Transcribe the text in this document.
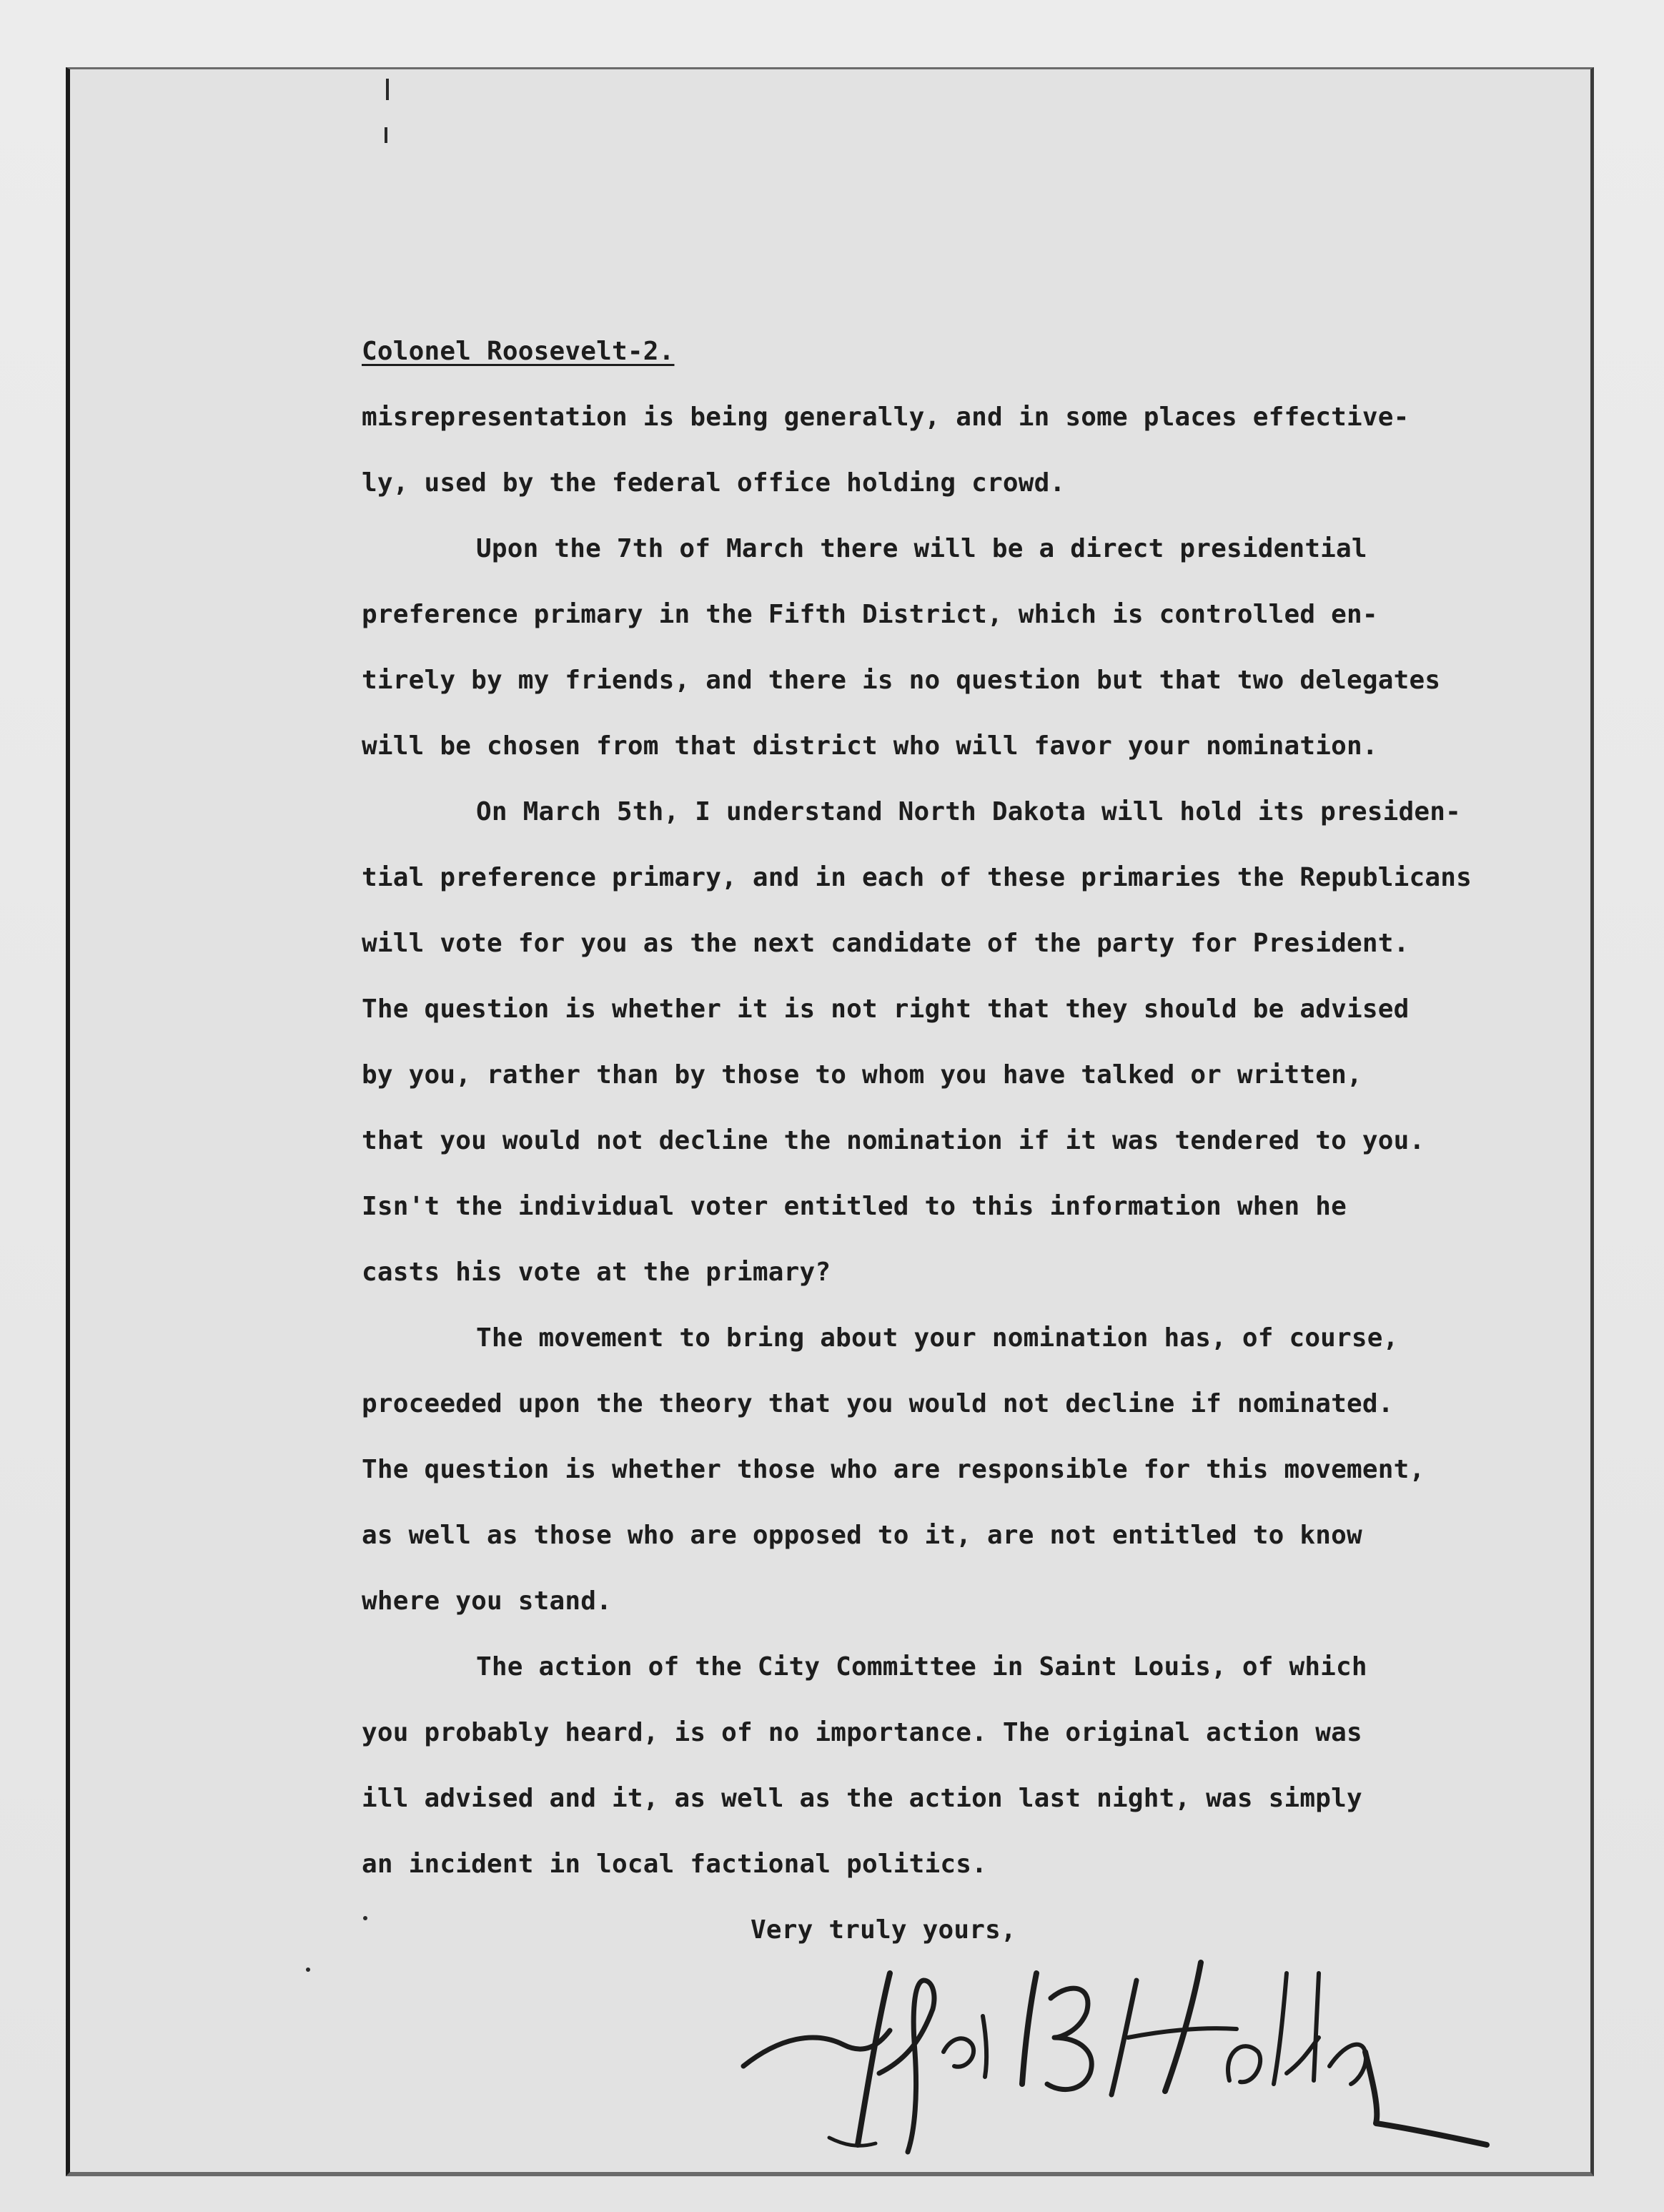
Colonel Roosevelt-2.
misrepresentation is being generally, and in some places effective-
ly, used by the federal office holding crowd.
Upon the 7th of March there will be a direct presidential
preference primary in the Fifth District, which is controlled en-
tirely by my friends, and there is no question but that two delegates
will be chosen from that district who will favor your nomination.
On March 5th, I understand North Dakota will hold its presiden-
tial preference primary, and in each of these primaries the Republicans
will vote for you as the next candidate of the party for President.
The question is whether it is not right that they should be advised
by you, rather than by those to whom you have talked or written,
that you would not decline the nomination if it was tendered to you.
Isn't the individual voter entitled to this information when he
casts his vote at the primary?
The movement to bring about your nomination has, of course,
proceeded upon the theory that you would not decline if nominated.
The question is whether those who are responsible for this movement,
as well as those who are opposed to it, are not entitled to know
where you stand.
The action of the City Committee in Saint Louis, of which
you probably heard, is of no importance. The original action was
ill advised and it, as well as the action last night, was simply
an incident in local factional politics.
Very truly yours,
